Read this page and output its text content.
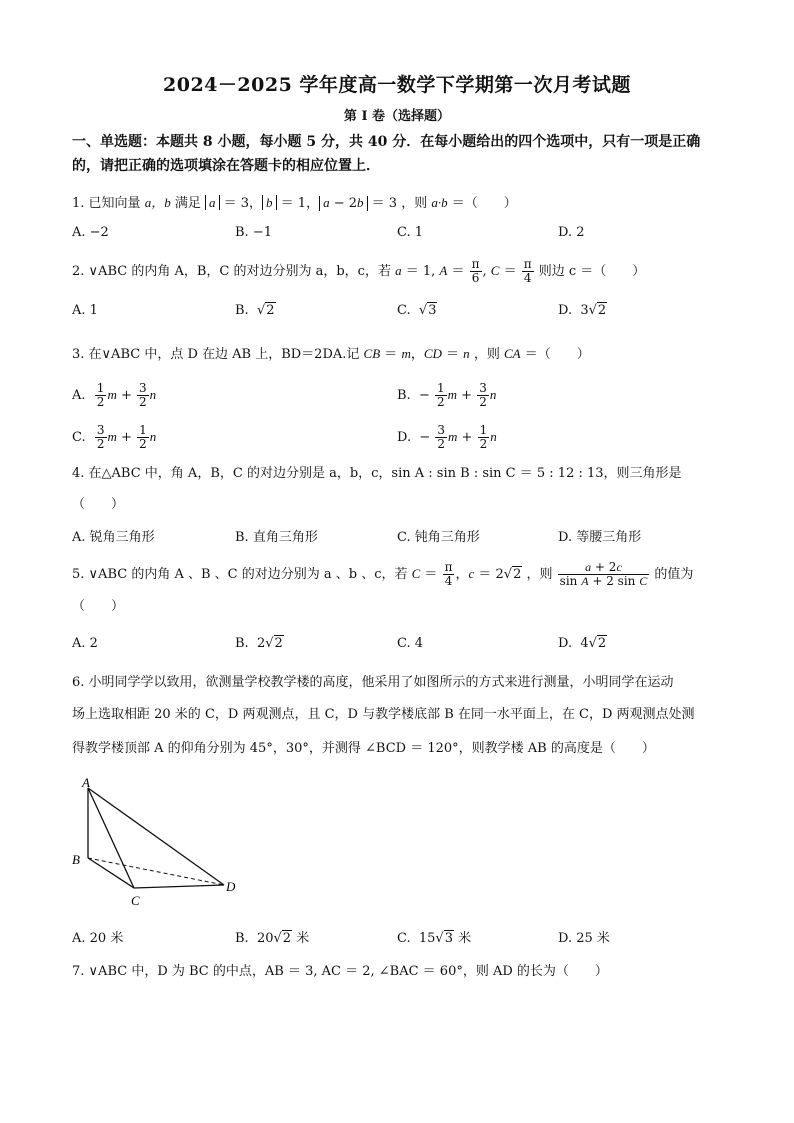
2024－2025 学年度高一数学下学期第一次月考试题
第 I 卷（选择题）
一、单选题：本题共 8 小题，每小题 5 分，共 40 分．在每小题给出的四个选项中，只有一项是正确的，请把正确的选项填涂在答题卡的相应位置上．
1. 已知向量 a，b 满足 a ＝ 3， b ＝ 1， a − 2b ＝ 3 ，则 a·b ＝（　　）
A. −2	B. −1	C. 1	D. 2
2. ∨ABC 的内角 A，B，C 的对边分别为 a，b，c，若 a ＝ 1, $A = \frac{\pi}{6}$ , $C = \frac{\pi}{4}$ 则边 c ＝（　　）
A. 1	B.  √2	C.  √3	D.  3√2
3. 在∨ABC 中，点 D 在边 AB 上，BD＝2DA.记 CB ＝ m，CD ＝ n ，则 CA ＝（　　）
A. $\frac{1}{2}$ $m + \frac{3}{2}$ n	B.  − $\frac{1}{2}$ $m + \frac{3}{2}$ n
C. $\frac{3}{2}$ $m + \frac{1}{2}$ n	D.  − $\frac{3}{2}$ $m + \frac{1}{2}$ n
4. 在△ABC 中，角 A，B，C 的对边分别是 a，b，c，sin A : sin B : sin C ＝ 5 : 12 : 13，则三角形是
（　　）
A. 锐角三角形	B. 直角三角形	C. 钝角三角形	D. 等腰三角形
5. ∨ABC 的内角 A 、B 、C 的对边分别为 a 、b 、c，若 $C = \frac{\pi}{4}$ ，c ＝ 2√2 ，则 $\frac{a + 2c}{\text{sin A + 2 sin C}}$ 的值为
（　　）
A. 2	B.  2√2	C. 4	D.  4√2
6. 小明同学学以致用，欲测量学校教学楼的高度，他采用了如图所示的方式来进行测量，小明同学在运动
场上选取相距 20 米的 C，D 两观测点，且 C，D 与教学楼底部 B 在同一水平面上，在 C，D 两观测点处测
得教学楼顶部 A 的仰角分别为 45°，30°，并测得 ∠BCD ＝ 120°，则教学楼 AB 的高度是（　　）
A
B
C
D
A. 20 米	B.  20√2 米	C.  15√3 米	D. 25 米
7. ∨ABC 中，D 为 BC 的中点，AB ＝ 3, AC ＝ 2, ∠BAC ＝ 60°，则 AD 的长为（　　）
